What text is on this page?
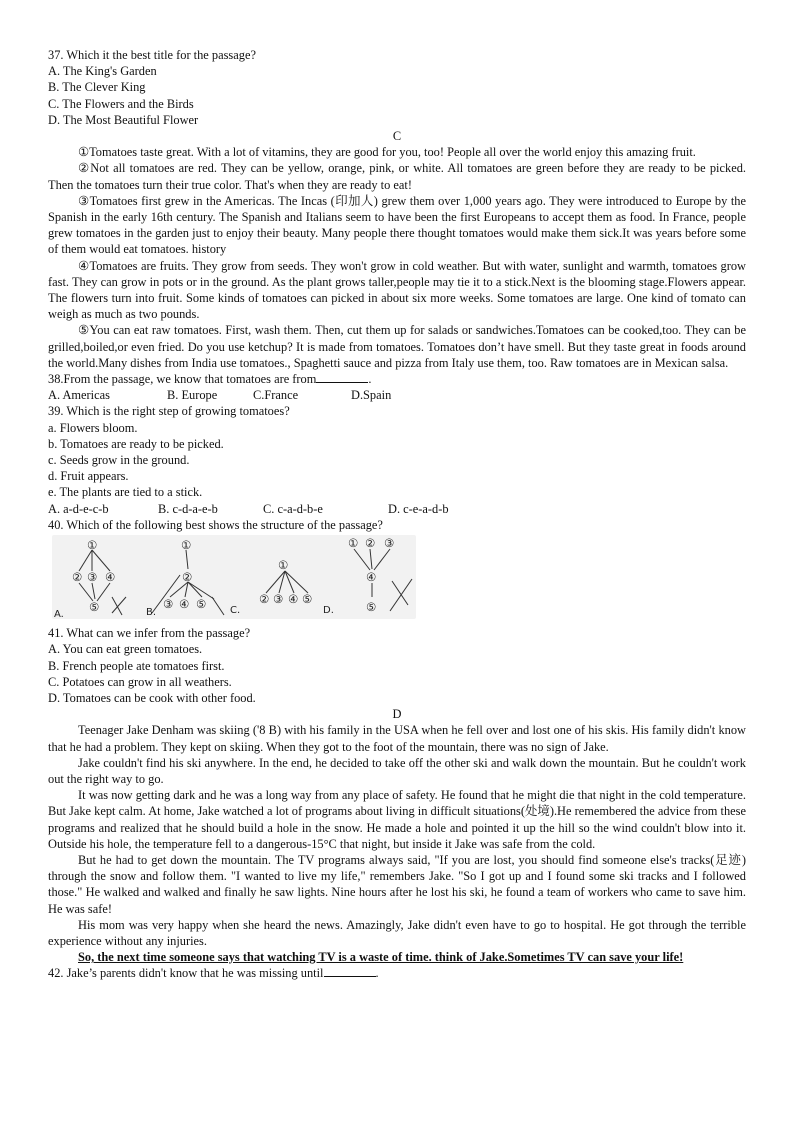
37. Which it the best title for the passage?
A. The King's Garden
B. The Clever King
C. The Flowers and the Birds
D. The Most Beautiful Flower

C

①Tomatoes taste great. With a lot of vitamins, they are good for you, too! People all over the world enjoy this amazing fruit.

②Not all tomatoes are red. They can be yellow, orange, pink, or white. All tomatoes are green before they are ready to be picked. Then the tomatoes turn their true color. That's when they are ready to eat!

③Tomatoes first grew in the Americas. The Incas (印加人) grew them over 1,000 years ago. They were introduced to Europe by the Spanish in the early 16th century. The Spanish and Italians seem to have been the first Europeans to accept them as food. In France, people grew tomatoes in the garden just to enjoy their beauty. Many people there thought tomatoes would make them sick.It was years before some of them would eat tomatoes. history

④Tomatoes are fruits. They grow from seeds. They won't grow in cold weather. But with water, sunlight and warmth, tomatoes grow fast. They can grow in pots or in the ground. As the plant grows taller,people may tie it to a stick.Next is the blooming stage.Flowers appear. The flowers turn into fruit. Some kinds of tomatoes can picked in about six more weeks. Some tomatoes are large. One kind of tomato can weigh as much as two pounds.

⑤You can eat raw tomatoes. First, wash them. Then, cut them up for salads or sandwiches.Tomatoes can be cooked,too. They can be grilled,boiled,or even fried. Do you use ketchup? It is made from tomatoes. Tomatoes don’t have smell. But they taste great in foods around the world.Many dishes from India use tomatoes., Spaghetti sauce and pizza from Italy use them, too. Raw tomatoes are in Mexican salsa.

38.From the passage, we know that tomatoes are from	.
A. Americas	B. Europe	C.France	D.Spain
39. Which is the right step of growing tomatoes?
a. Flowers bloom.
b. Tomatoes are ready to be picked.
c. Seeds grow in the ground.
d. Fruit appears.
e. The plants are tied to a stick.
A. a-d-e-c-b	B. c-d-a-e-b	C. c-a-d-b-e	D. c-e-a-d-b
40. Which of the following best shows the structure of the passage?
①
② ③ ④
⑤
①
②
③ ④ ⑤
①
② ③ ④ ⑤
① ② ③
④
⑤
A.	B.	C.	D.
41. What can we infer from the passage?
A. You can eat green tomatoes.
B. French people ate tomatoes first.
C. Potatoes can grow in all weathers.
D. Tomatoes can be cook with other food.

D

Teenager Jake Denham was skiing ('8 B) with his family in the USA when he fell over and lost one of his skis. His family didn't know that he had a problem. They kept on skiing. When they got to the foot of the mountain, there was no sign of Jake.

Jake couldn't find his ski anywhere. In the end, he decided to take off the other ski and walk down the mountain. But he couldn't work out the right way to go.

It was now getting dark and he was a long way from any place of safety. He found that he might die that night in the cold temperature. But Jake kept calm. At home, Jake watched a lot of programs about living in difficult situations(处境).He remembered the advice from these programs and realized that he should build a hole in the snow. He made a hole and pointed it up the hill so the wind couldn't blow into it. Outside his hole, the temperature fell to a dangerous-15°C that night, but inside it Jake was safe from the cold.

But he had to get down the mountain. The TV programs always said, "If you are lost, you should find someone else's tracks(足迹) through the snow and follow them. "I wanted to live my life," remembers Jake. "So I got up and I found some ski tracks and I followed those." He walked and walked and finally he saw lights. Nine hours after he lost his ski, he found a team of workers who came to save him. He was safe!

His mom was very happy when she heard the news. Amazingly, Jake didn't even have to go to hospital. He got through the terrible experience without any injuries.

So, the next time someone says that watching TV is a waste of time. think of Jake.Sometimes TV can save your life!

42. Jake’s parents didn't know that he was missing until	.
